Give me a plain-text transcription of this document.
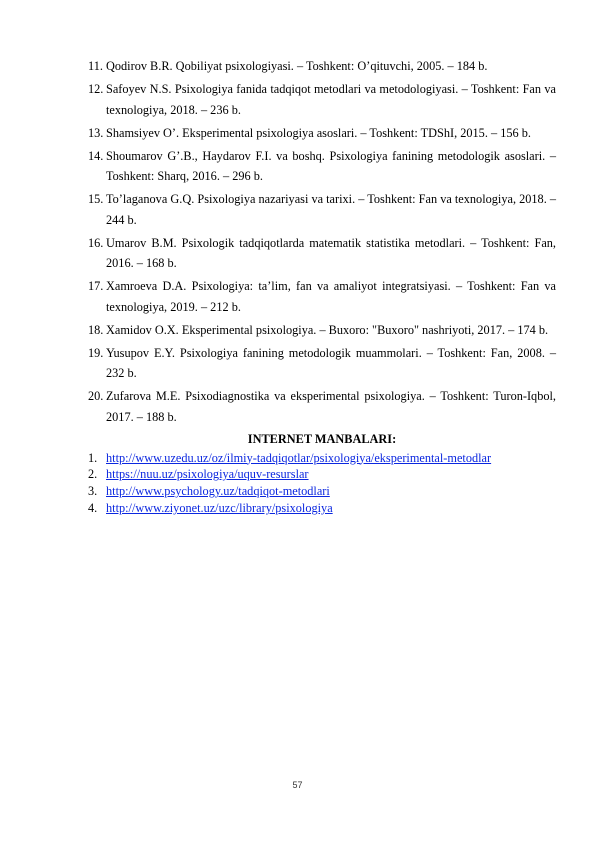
11. Qodirov B.R. Qobiliyat psixologiyasi. – Toshkent: O’qituvchi, 2005. – 184 b.
12. Safoyev N.S. Psixologiya fanida tadqiqot metodlari va metodologiyasi. – Toshkent: Fan va texnologiya, 2018. – 236 b.
13. Shamsiyev O’. Eksperimental psixologiya asoslari. – Toshkent: TDShI, 2015. – 156 b.
14. Shoumarov G’.B., Haydarov F.I. va boshq. Psixologiya fanining metodologik asoslari. – Toshkent: Sharq, 2016. – 296 b.
15. To’laganova G.Q. Psixologiya nazariyasi va tarixi. – Toshkent: Fan va texnologiya, 2018. – 244 b.
16. Umarov B.M. Psixologik tadqiqotlarda matematik statistika metodlari. – Toshkent: Fan, 2016. – 168 b.
17. Xamroeva D.A. Psixologiya: ta’lim, fan va amaliyot integratsiyasi. – Toshkent: Fan va texnologiya, 2019. – 212 b.
18. Xamidov O.X. Eksperimental psixologiya. – Buxoro: "Buxoro" nashriyoti, 2017. – 174 b.
19. Yusupov E.Y. Psixologiya fanining metodologik muammolari. – Toshkent: Fan, 2008. – 232 b.
20. Zufarova M.E. Psixodiagnostika va eksperimental psixologiya. – Toshkent: Turon-Iqbol, 2017. – 188 b.
INTERNET MANBALARI:
1. http://www.uzedu.uz/oz/ilmiy-tadqiqotlar/psixologiya/eksperimental-metodlar
2. https://nuu.uz/psixologiya/uquv-resurslar
3. http://www.psychology.uz/tadqiqot-metodlari
4. http://www.ziyonet.uz/uzc/library/psixologiya
57
